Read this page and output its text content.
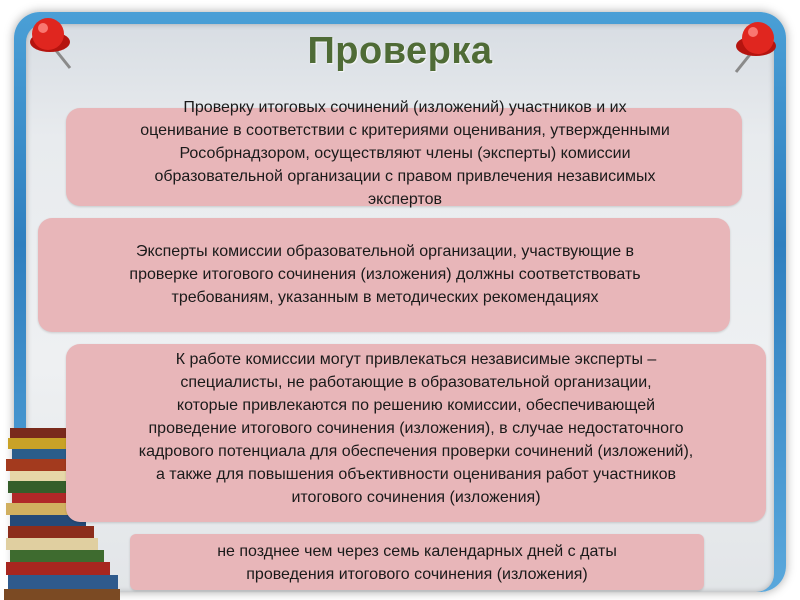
Проверка
Проверку итоговых сочинений (изложений) участников и их
оценивание в соответствии с критериями оценивания, утвержденными
Рособрнадзором, осуществляют члены (эксперты) комиссии
образовательной организации с правом привлечения независимых
экспертов
Эксперты комиссии образовательной организации, участвующие в
проверке итогового сочинения (изложения) должны соответствовать
требованиям, указанным в методических рекомендациях
К работе комиссии могут привлекаться независимые эксперты –
специалисты, не работающие в образовательной организации,
которые привлекаются по решению комиссии, обеспечивающей
проведение итогового сочинения (изложения), в случае недостаточного
кадрового потенциала для обеспечения проверки сочинений (изложений),
а также для повышения объективности оценивания работ участников
итогового сочинения (изложения)
не позднее чем через семь календарных дней с даты
проведения итогового сочинения (изложения)
